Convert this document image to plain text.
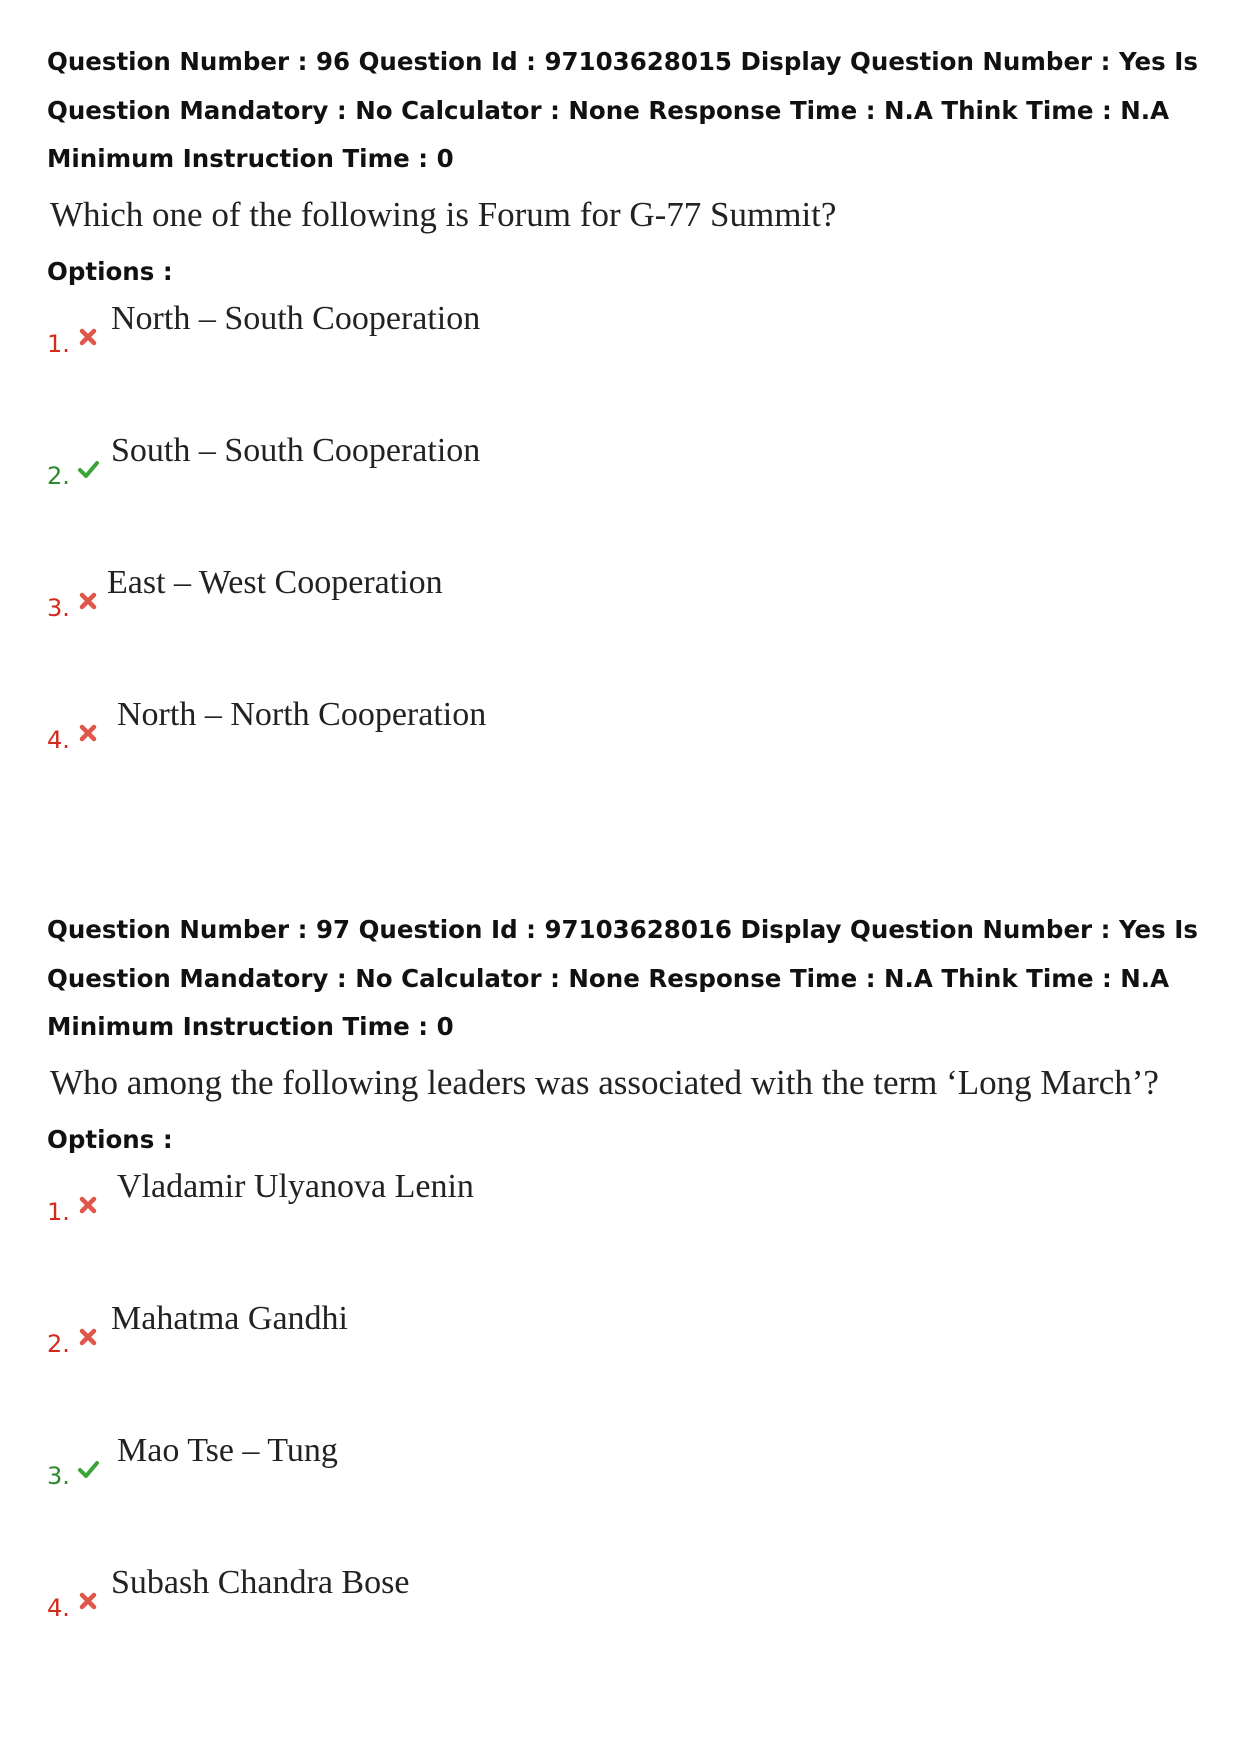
Question Number : 96 Question Id : 97103628015 Display Question Number : Yes Is Question Mandatory : No Calculator : None Response Time : N.A Think Time : N.A Minimum Instruction Time : 0

Which one of the following is Forum for G-77 Summit?
Options :
1.
North – South Cooperation
2.
South – South Cooperation
3.
East – West Cooperation
4.
North – North Cooperation

Question Number : 97 Question Id : 97103628016 Display Question Number : Yes Is Question Mandatory : No Calculator : None Response Time : N.A Think Time : N.A Minimum Instruction Time : 0

Who among the following leaders was associated with the term ‘Long March’?
Options :
1.
Vladamir Ulyanova Lenin
2.
Mahatma Gandhi
3.
Mao Tse – Tung
4.
Subash Chandra Bose
